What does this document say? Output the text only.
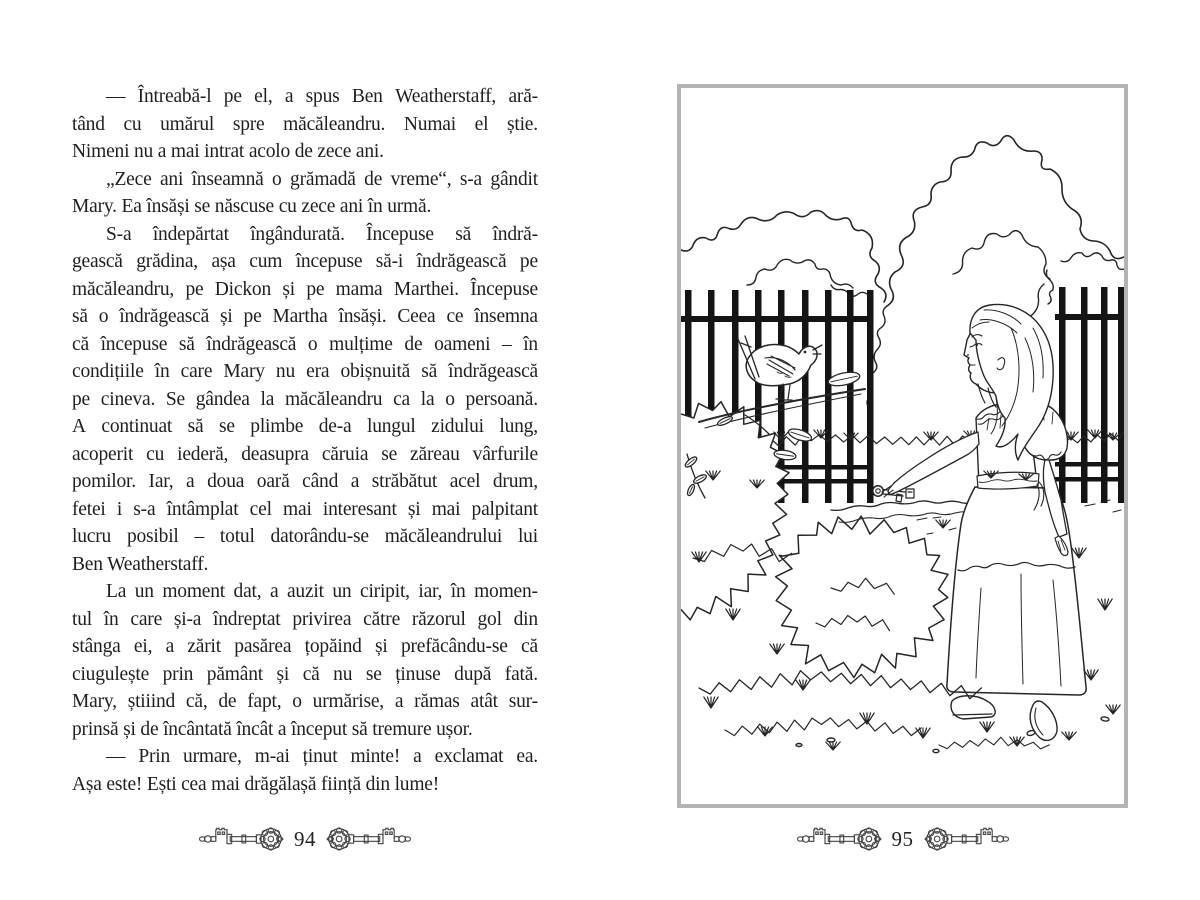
— Întreabă-l pe el, a spus Ben Weatherstaff, ară-
tând cu umărul spre măcăleandru. Numai el știe.
Nimeni nu a mai intrat acolo de zece ani.
„Zece ani înseamnă o grămadă de vreme“, s-a gândit
Mary. Ea însăși se născuse cu zece ani în urmă.
S-a îndepărtat îngândurată. Începuse să îndră-
gească grădina, așa cum începuse să-i îndrăgească pe
măcăleandru, pe Dickon și pe mama Marthei. Începuse
să o îndrăgească și pe Martha însăși. Ceea ce însemna
că începuse să îndrăgească o mulțime de oameni – în
condițiile în care Mary nu era obișnuită să îndrăgească
pe cineva. Se gândea la măcăleandru ca la o persoană.
A continuat să se plimbe de-a lungul zidului lung,
acoperit cu iederă, deasupra căruia se zăreau vârfurile
pomilor. Iar, a doua oară când a străbătut acel drum,
fetei i s-a întâmplat cel mai interesant și mai palpitant
lucru posibil – totul datorându-se măcăleandrului lui
Ben Weatherstaff.
La un moment dat, a auzit un ciripit, iar, în momen-
tul în care și-a îndreptat privirea către răzorul gol din
stânga ei, a zărit pasărea țopăind și prefăcându-se că
ciugulește prin pământ și că nu se ținuse după fată.
Mary, știiind că, de fapt, o urmărise, a rămas atât sur-
prinsă și de încântată încât a început să tremure ușor.
— Prin urmare, m-ai ținut minte! a exclamat ea.
Așa este! Ești cea mai drăgălașă ființă din lume!
94	95
